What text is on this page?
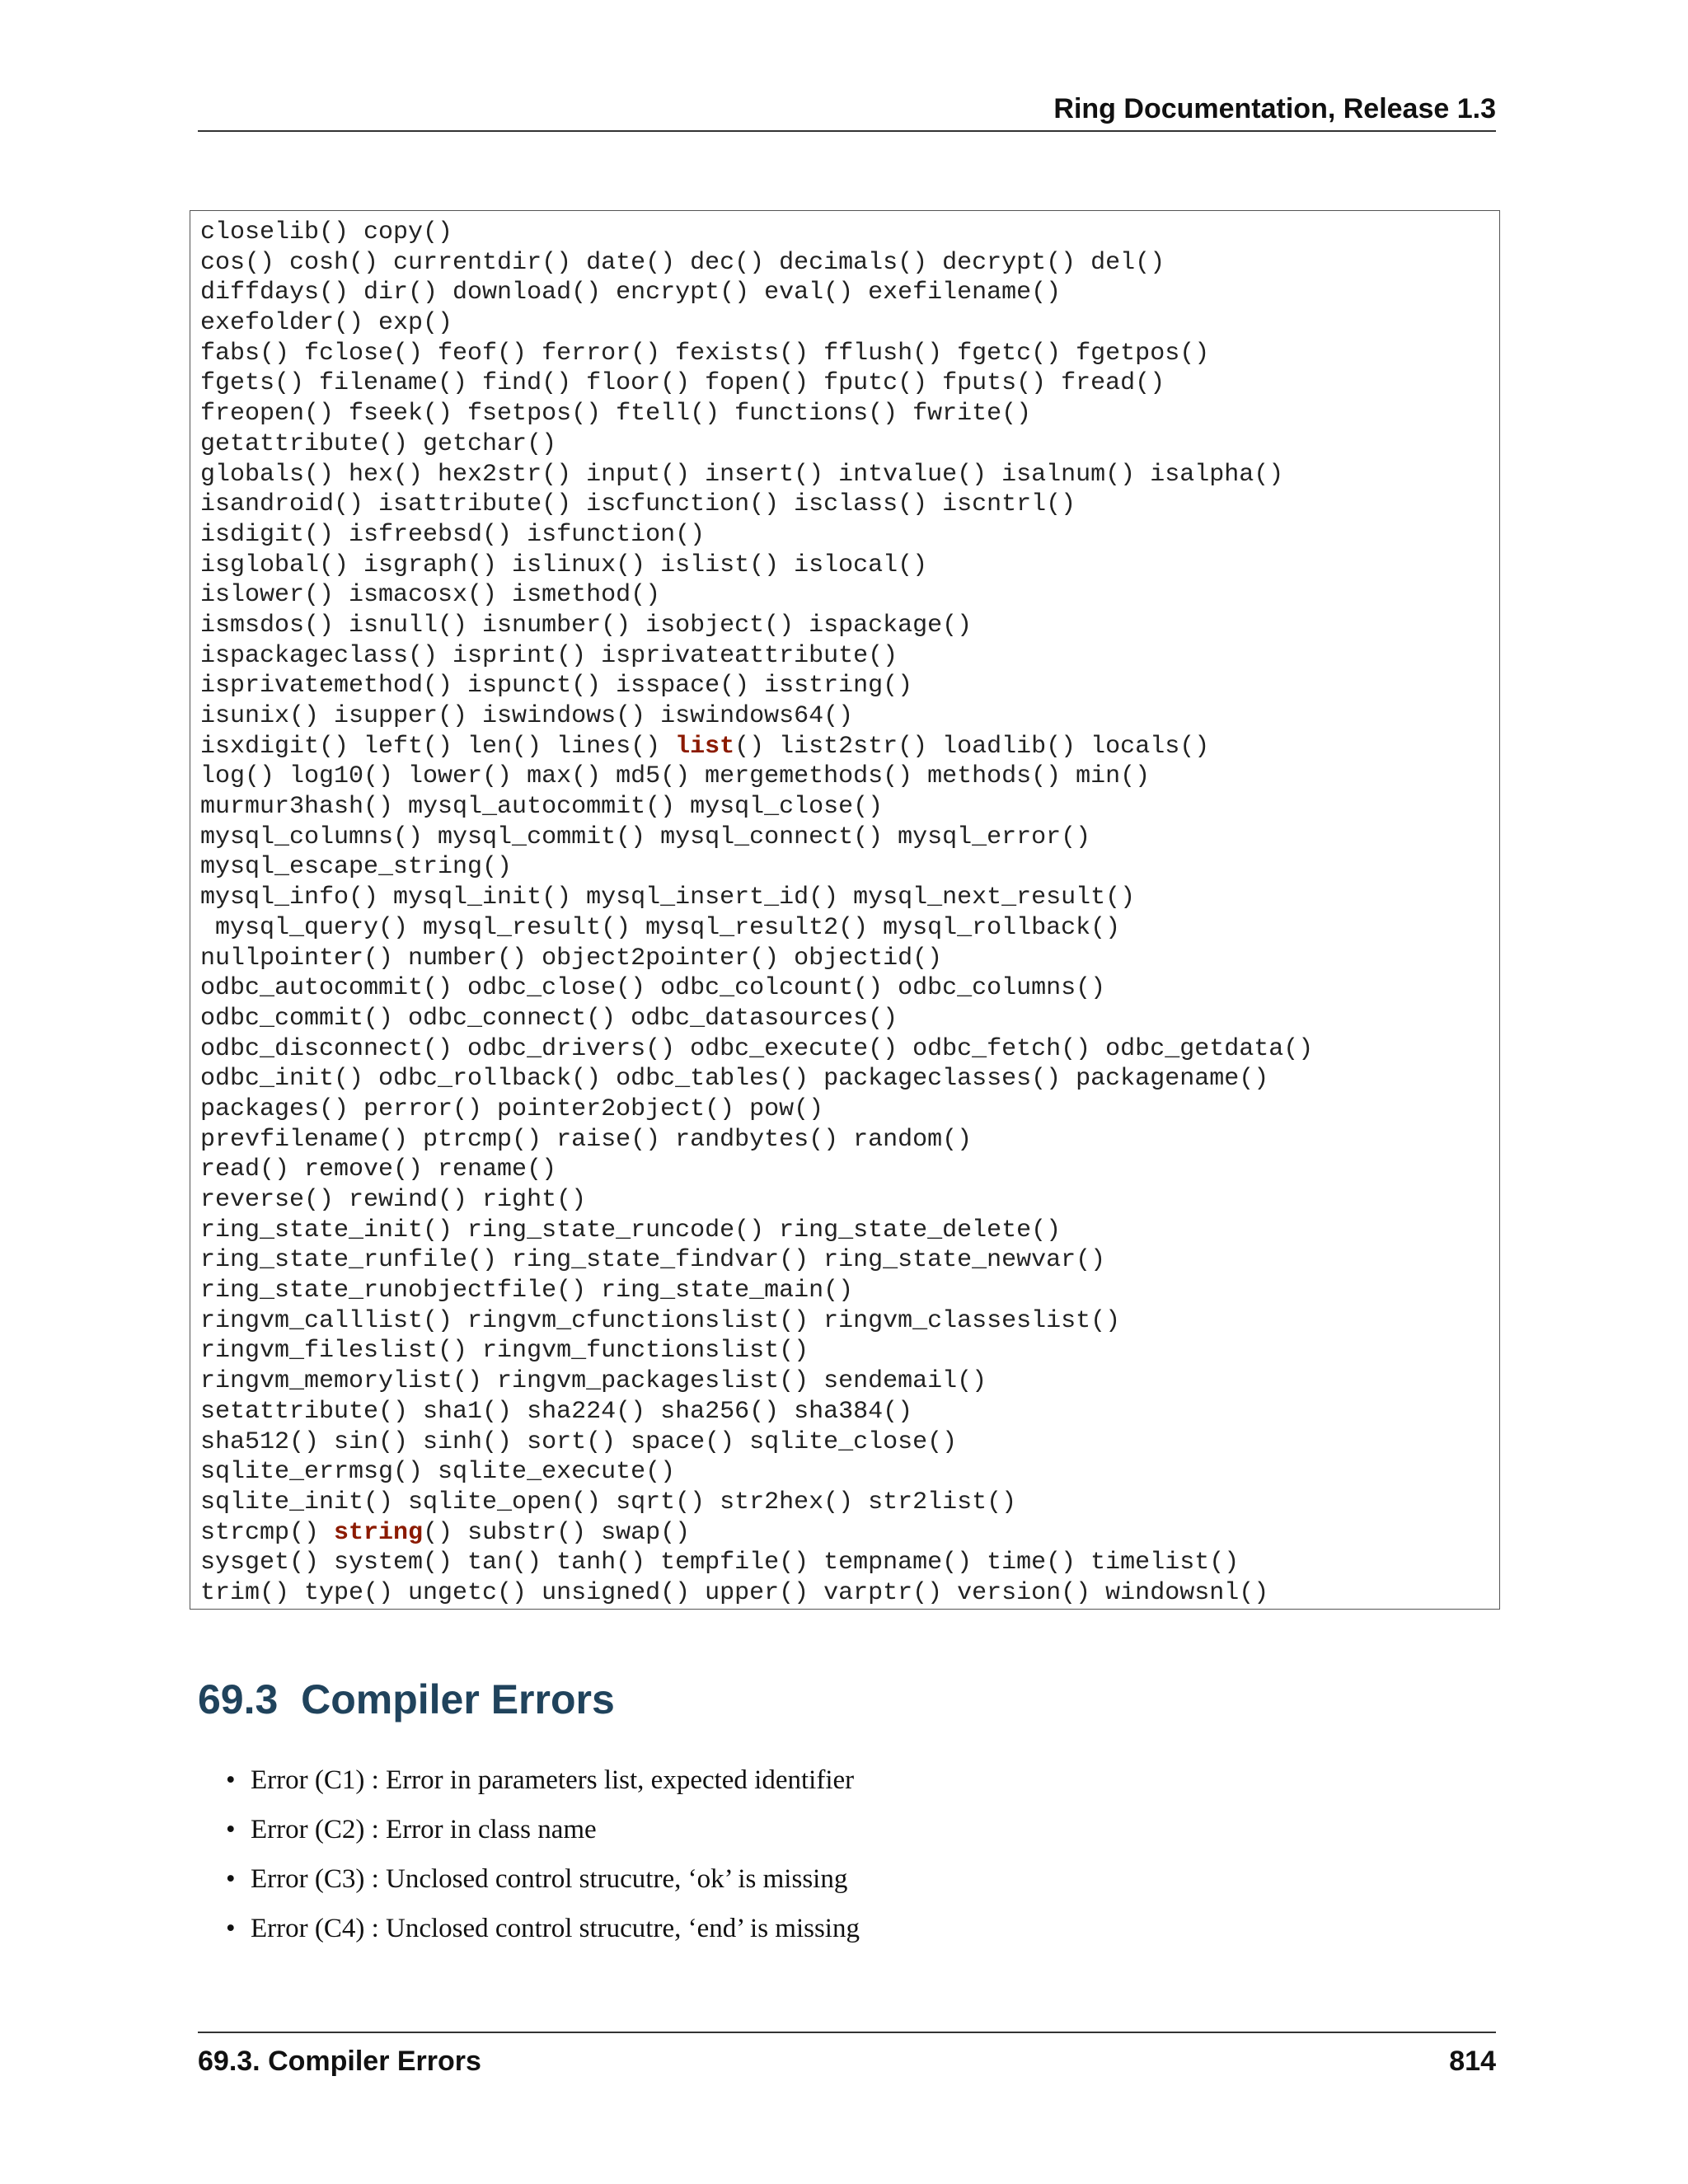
Ring Documentation, Release 1.3
closelib() copy()
cos() cosh() currentdir() date() dec() decimals() decrypt() del()
diffdays() dir() download() encrypt() eval() exefilename()
exefolder() exp()
fabs() fclose() feof() ferror() fexists() fflush() fgetc() fgetpos()
fgets() filename() find() floor() fopen() fputc() fputs() fread()
freopen() fseek() fsetpos() ftell() functions() fwrite()
getattribute() getchar()
globals() hex() hex2str() input() insert() intvalue() isalnum() isalpha()
isandroid() isattribute() iscfunction() isclass() iscntrl()
isdigit() isfreebsd() isfunction()
isglobal() isgraph() islinux() islist() islocal()
islower() ismacosx() ismethod()
ismsdos() isnull() isnumber() isobject() ispackage()
ispackageclass() isprint() isprivateattribute()
isprivatemethod() ispunct() isspace() isstring()
isunix() isupper() iswindows() iswindows64()
isxdigit() left() len() lines() list() list2str() loadlib() locals()
log() log10() lower() max() md5() mergemethods() methods() min()
murmur3hash() mysql_autocommit() mysql_close()
mysql_columns() mysql_commit() mysql_connect() mysql_error()
mysql_escape_string()
mysql_info() mysql_init() mysql_insert_id() mysql_next_result()
mysql_query() mysql_result() mysql_result2() mysql_rollback()
nullpointer() number() object2pointer() objectid()
odbc_autocommit() odbc_close() odbc_colcount() odbc_columns()
odbc_commit() odbc_connect() odbc_datasources()
odbc_disconnect() odbc_drivers() odbc_execute() odbc_fetch() odbc_getdata()
odbc_init() odbc_rollback() odbc_tables() packageclasses() packagename()
packages() perror() pointer2object() pow()
prevfilename() ptrcmp() raise() randbytes() random()
read() remove() rename()
reverse() rewind() right()
ring_state_init() ring_state_runcode() ring_state_delete()
ring_state_runfile() ring_state_findvar() ring_state_newvar()
ring_state_runobjectfile() ring_state_main()
ringvm_calllist() ringvm_cfunctionslist() ringvm_classeslist()
ringvm_fileslist() ringvm_functionslist()
ringvm_memorylist() ringvm_packageslist() sendemail()
setattribute() sha1() sha224() sha256() sha384()
sha512() sin() sinh() sort() space() sqlite_close()
sqlite_errmsg() sqlite_execute()
sqlite_init() sqlite_open() sqrt() str2hex() str2list()
strcmp() string() substr() swap()
sysget() system() tan() tanh() tempfile() tempname() time() timelist()
trim() type() ungetc() unsigned() upper() varptr() version() windowsnl()
69.3  Compiler Errors
• Error (C1) : Error in parameters list, expected identifier
• Error (C2) : Error in class name
• Error (C3) : Unclosed control strucutre, ‘ok’ is missing
• Error (C4) : Unclosed control strucutre, ‘end’ is missing
69.3. Compiler Errors	814
